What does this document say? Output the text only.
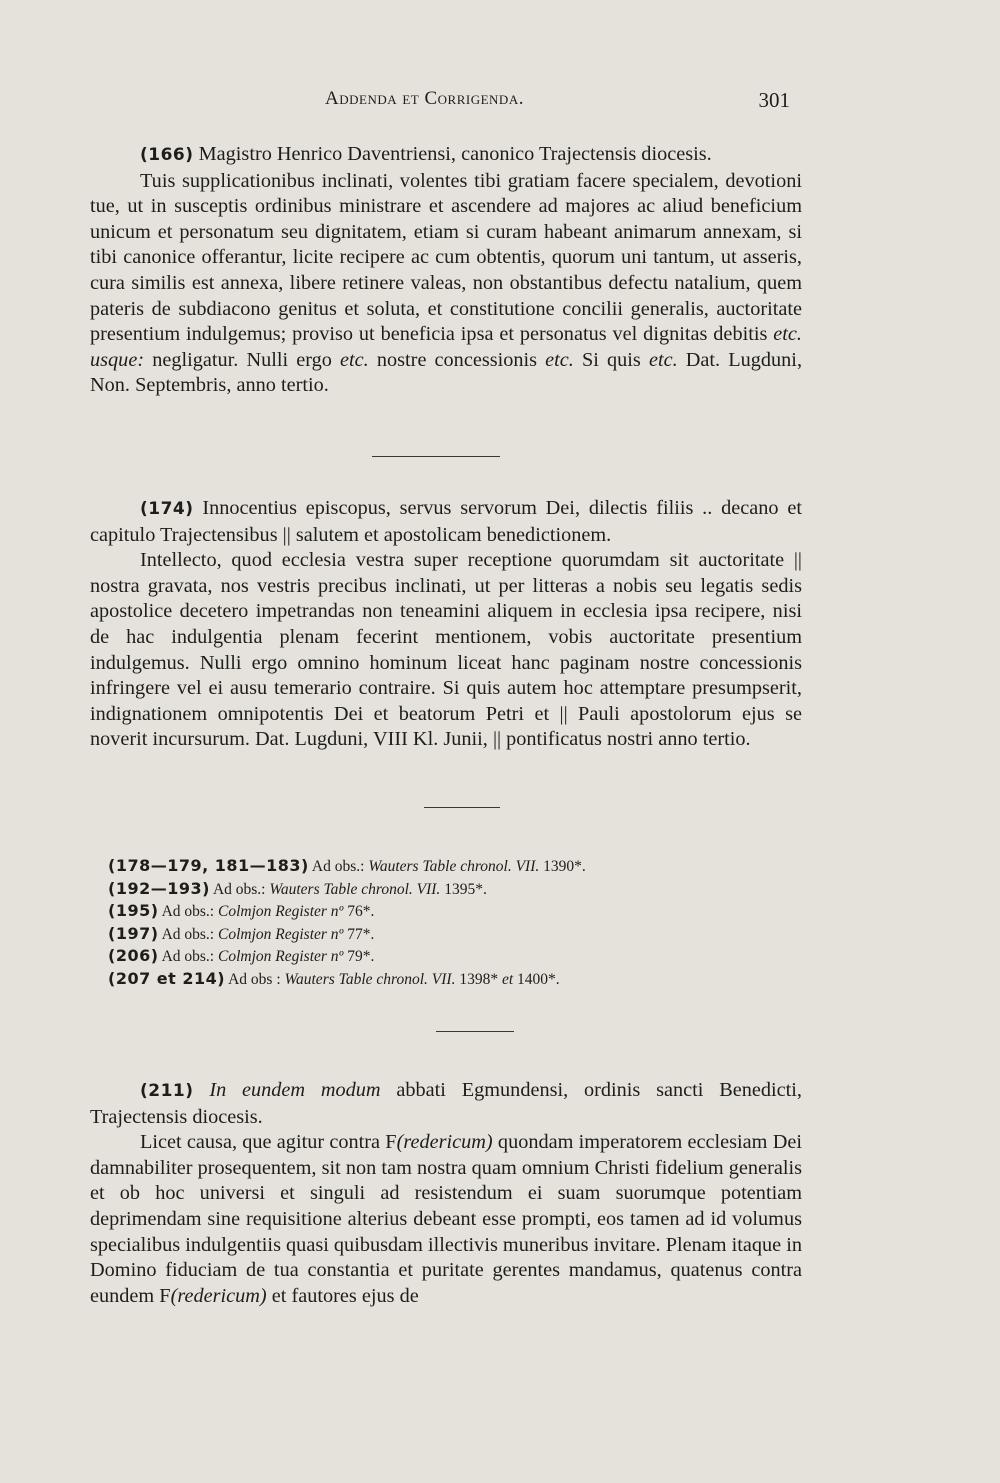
Addenda et Corrigenda.	301

(166) Magistro Henrico Daventriensi, canonico Trajectensis diocesis.

Tuis supplicationibus inclinati, volentes tibi gratiam facere specialem, devotioni tue, ut in susceptis ordinibus ministrare et ascendere ad majores ac aliud beneficium unicum et personatum seu dignitatem, etiam si curam habeant animarum annexam, si tibi canonice offerantur, licite recipere ac cum obtentis, quorum uni tantum, ut asseris, cura similis est annexa, libere retinere valeas, non obstantibus defectu natalium, quem pateris de subdiacono genitus et soluta, et constitutione concilii generalis, auctoritate presentium indulgemus; proviso ut beneficia ipsa et personatus vel dignitas debitis etc. usque: negligatur. Nulli ergo etc. nostre concessionis etc. Si quis etc. Dat. Lugduni, Non. Septembris, anno tertio.

(174) Innocentius episcopus, servus servorum Dei, dilectis filiis .. decano et capitulo Trajectensibus || salutem et apostolicam benedictionem.

Intellecto, quod ecclesia vestra super receptione quorumdam sit auctoritate || nostra gravata, nos vestris precibus inclinati, ut per litteras a nobis seu legatis sedis apostolice decetero impetrandas non teneamini aliquem in ecclesia ipsa recipere, nisi de hac indulgentia plenam fecerint mentionem, vobis auctoritate presentium indulgemus. Nulli ergo omnino hominum liceat hanc paginam nostre concessionis infringere vel ei ausu temerario contraire. Si quis autem hoc attemptare presumpserit, indignationem omnipotentis Dei et beatorum Petri et || Pauli apostolorum ejus se noverit incursurum. Dat. Lugduni, VIII Kl. Junii, || pontificatus nostri anno tertio.

(178—179, 181—183) Ad obs.: Wauters Table chronol. VII. 1390*.
(192—193) Ad obs.: Wauters Table chronol. VII. 1395*.
(195) Ad obs.: Colmjon Register nº 76*.
(197) Ad obs.: Colmjon Register nº 77*.
(206) Ad obs.: Colmjon Register nº 79*.
(207 et 214) Ad obs : Wauters Table chronol. VII. 1398* et 1400*.

(211) In eundem modum abbati Egmundensi, ordinis sancti Benedicti, Trajectensis diocesis.

Licet causa, que agitur contra F(redericum) quondam imperatorem ecclesiam Dei damnabiliter prosequentem, sit non tam nostra quam omnium Christi fidelium generalis et ob hoc universi et singuli ad resistendum ei suam suorumque potentiam deprimendam sine requisitione alterius debeant esse prompti, eos tamen ad id volumus specialibus indulgentiis quasi quibusdam illectivis muneribus invitare. Plenam itaque in Domino fiduciam de tua constantia et puritate gerentes mandamus, quatenus contra eundem F(redericum) et fautores ejus de
